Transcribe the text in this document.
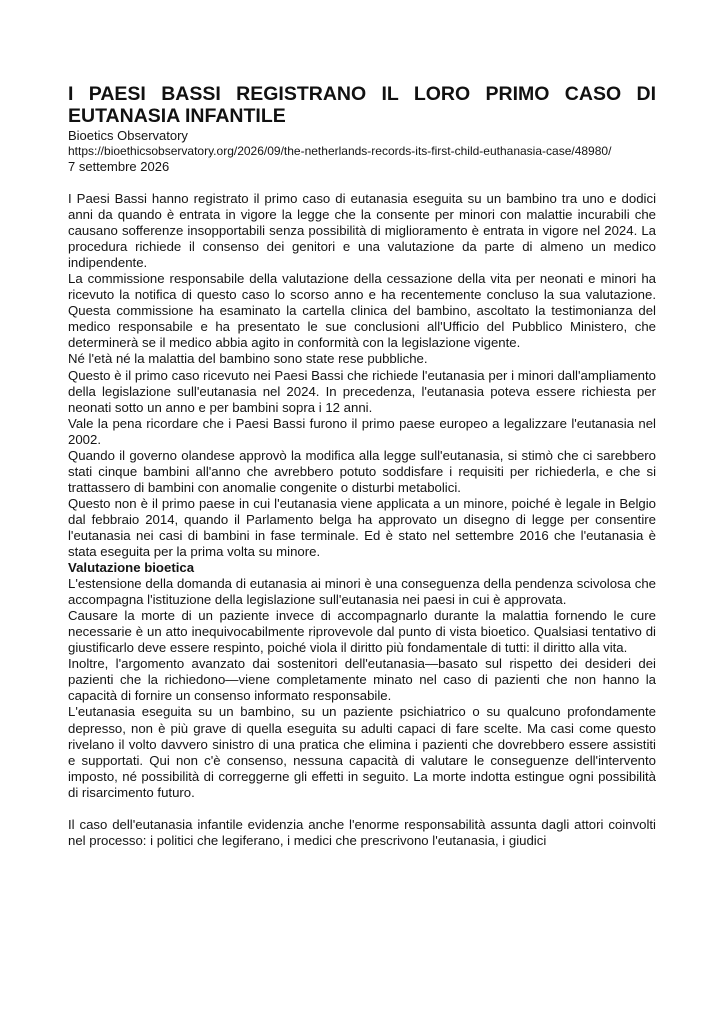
I PAESI BASSI REGISTRANO IL LORO PRIMO CASO DI EUTANASIA INFANTILE

Bioetics Observatory

https://bioethicsobservatory.org/2026/09/the-netherlands-records-its-first-child-euthanasia-case/48980/

7 settembre 2026

I Paesi Bassi hanno registrato il primo caso di eutanasia eseguita su un bambino tra uno e dodici anni da quando è entrata in vigore la legge che la consente per minori con malattie incurabili che causano sofferenze insopportabili senza possibilità di miglioramento è entrata in vigore nel 2024. La procedura richiede il consenso dei genitori e una valutazione da parte di almeno un medico indipendente.

La commissione responsabile della valutazione della cessazione della vita per neonati e minori ha ricevuto la notifica di questo caso lo scorso anno e ha recentemente concluso la sua valutazione. Questa commissione ha esaminato la cartella clinica del bambino, ascoltato la testimonianza del medico responsabile e ha presentato le sue conclusioni all'Ufficio del Pubblico Ministero, che determinerà se il medico abbia agito in conformità con la legislazione vigente.

Né l'età né la malattia del bambino sono state rese pubbliche.

Questo è il primo caso ricevuto nei Paesi Bassi che richiede l'eutanasia per i minori dall'ampliamento della legislazione sull'eutanasia nel 2024. In precedenza, l'eutanasia poteva essere richiesta per neonati sotto un anno e per bambini sopra i 12 anni.

Vale la pena ricordare che i Paesi Bassi furono il primo paese europeo a legalizzare l'eutanasia nel 2002.

Quando il governo olandese approvò la modifica alla legge sull'eutanasia, si stimò che ci sarebbero stati cinque bambini all'anno che avrebbero potuto soddisfare i requisiti per richiederla, e che si trattassero di bambini con anomalie congenite o disturbi metabolici.

Questo non è il primo paese in cui l'eutanasia viene applicata a un minore, poiché è legale in Belgio dal febbraio 2014, quando il Parlamento belga ha approvato un disegno di legge per consentire l'eutanasia nei casi di bambini in fase terminale. Ed è stato nel settembre 2016 che l'eutanasia è stata eseguita per la prima volta su minore.

Valutazione bioetica

L'estensione della domanda di eutanasia ai minori è una conseguenza della pendenza scivolosa che accompagna l'istituzione della legislazione sull'eutanasia nei paesi in cui è approvata.

Causare la morte di un paziente invece di accompagnarlo durante la malattia fornendo le cure necessarie è un atto inequivocabilmente riprovevole dal punto di vista bioetico. Qualsiasi tentativo di giustificarlo deve essere respinto, poiché viola il diritto più fondamentale di tutti: il diritto alla vita.

Inoltre, l'argomento avanzato dai sostenitori dell'eutanasia—basato sul rispetto dei desideri dei pazienti che la richiedono—viene completamente minato nel caso di pazienti che non hanno la capacità di fornire un consenso informato responsabile.

L'eutanasia eseguita su un bambino, su un paziente psichiatrico o su qualcuno profondamente depresso, non è più grave di quella eseguita su adulti capaci di fare scelte. Ma casi come questo rivelano il volto davvero sinistro di una pratica che elimina i pazienti che dovrebbero essere assistiti e supportati. Qui non c'è consenso, nessuna capacità di valutare le conseguenze dell'intervento imposto, né possibilità di correggerne gli effetti in seguito. La morte indotta estingue ogni possibilità di risarcimento futuro.

Il caso dell'eutanasia infantile evidenzia anche l'enorme responsabilità assunta dagli attori coinvolti nel processo: i politici che legiferano, i medici che prescrivono l'eutanasia, i giudici
